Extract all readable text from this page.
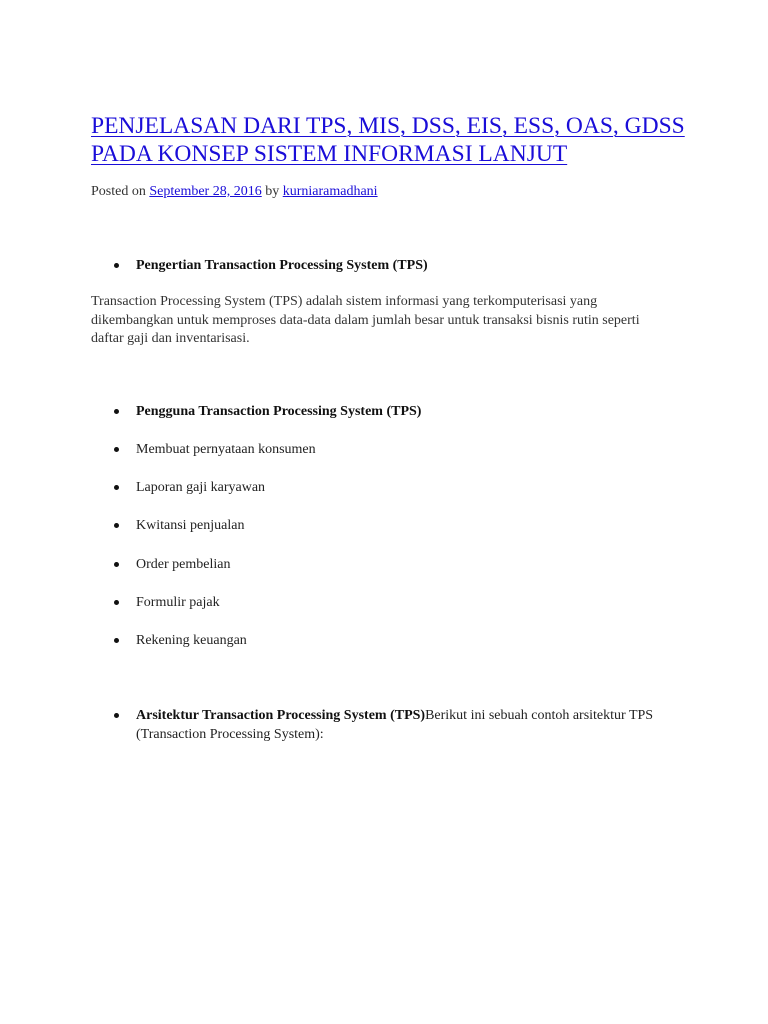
PENJELASAN DARI TPS, MIS, DSS, EIS, ESS, OAS, GDSS PADA KONSEP SISTEM INFORMASI LANJUT
Posted on September 28, 2016 by kurniaramadhani
Pengertian Transaction Processing System (TPS)

Transaction Processing System (TPS) adalah sistem informasi yang terkomputerisasi yang dikembangkan untuk memproses data-data dalam jumlah besar untuk transaksi bisnis rutin seperti daftar gaji dan inventarisasi.

Pengguna Transaction Processing System (TPS)
Membuat pernyataan konsumen
Laporan gaji karyawan
Kwitansi penjualan
Order pembelian
Formulir pajak
Rekening keuangan
Arsitektur Transaction Processing System (TPS)Berikut ini sebuah contoh arsitektur TPS (Transaction Processing System):
